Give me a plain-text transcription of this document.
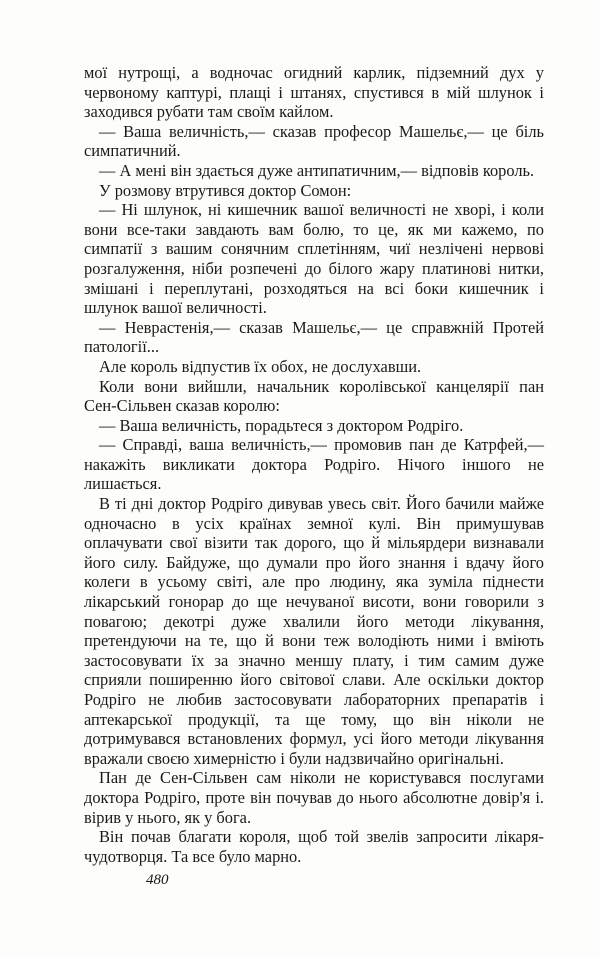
мої нутрощі, а водночас огидний карлик, підземний дух у червоному каптурі, плащі і штанях, спустився в мій шлунок і заходився рубати там своїм кайлом.

— Ваша величність,— сказав професор Машельє,— це біль симпатичний.

— А мені він здається дуже антипатичним,— відповів король.

У розмову втрутився доктор Сомон:

— Ні шлунок, ні кишечник вашої величності не хворі, і коли вони все-таки завдають вам болю, то це, як ми кажемо, по симпатії з вашим сонячним сплетінням, чиї незлічені нервові розгалуження, ніби розпечені до білого жару платинові нитки, змішані і переплутані, розходяться на всі боки кишечник і шлунок вашої величності.

— Неврастенія,— сказав Машельє,— це справжній Протей патології...

Але король відпустив їх обох, не дослухавши.

Коли вони вийшли, начальник королівської канцелярії пан Сен-Сільвен сказав королю:

— Ваша величність, порадьтеся з доктором Родріго.

— Справді, ваша величність,— промовив пан де Катрфей,— накажіть викликати доктора Родріго. Нічого іншого не лишається.

В ті дні доктор Родріго дивував увесь світ. Його бачили майже одночасно в усіх країнах земної кулі. Він примушував оплачувати свої візити так дорого, що й мільярдери визнавали його силу. Байдуже, що думали про його знання і вдачу його колеги в усьому світі, але про людину, яка зуміла піднести лікарський гонорар до ще нечуваної висоти, вони говорили з повагою; декотрі дуже хвалили його методи лікування, претендуючи на те, що й вони теж володіють ними і вміють застосовувати їх за значно меншу плату, і тим самим дуже сприяли поширенню його світової слави. Але оскільки доктор Родріго не любив застосовувати лабораторних препаратів і аптекарської продукції, та ще тому, що він ніколи не дотримувався встановлених формул, усі його методи лікування вражали своєю химерністю і були надзвичайно оригінальні.

Пан де Сен-Сільвен сам ніколи не користувався послугами доктора Родріго, проте він почував до нього абсолютне довір'я і. вірив у нього, як у бога.

Він почав благати короля, щоб той звелів запросити лікаря-чудотворця. Та все було марно.

480
